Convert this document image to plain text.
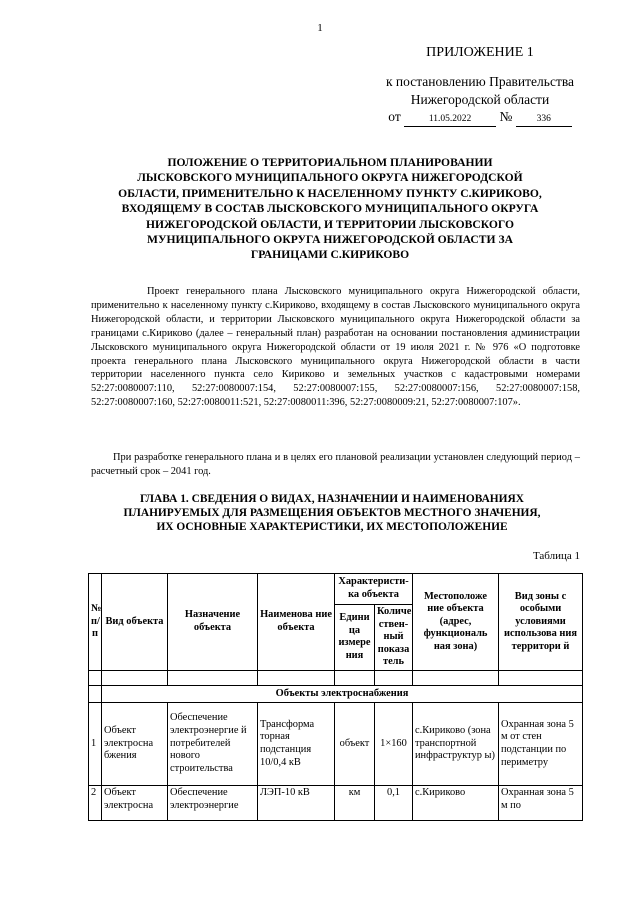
1
ПРИЛОЖЕНИЕ 1
к постановлению Правительства
Нижегородской области
от	11.05.2022 №	336

ПОЛОЖЕНИЕ О ТЕРРИТОРИАЛЬНОМ ПЛАНИРОВАНИИ
ЛЫСКОВСКОГО МУНИЦИПАЛЬНОГО ОКРУГА НИЖЕГОРОДСКОЙ
ОБЛАСТИ, ПРИМЕНИТЕЛЬНО К НАСЕЛЕННОМУ ПУНКТУ С.КИРИКОВО,
ВХОДЯЩЕМУ В СОСТАВ ЛЫСКОВСКОГО МУНИЦИПАЛЬНОГО ОКРУГА
НИЖЕГОРОДСКОЙ ОБЛАСТИ, И ТЕРРИТОРИИ ЛЫСКОВСКОГО
МУНИЦИПАЛЬНОГО ОКРУГА НИЖЕГОРОДСКОЙ ОБЛАСТИ ЗА
ГРАНИЦАМИ С.КИРИКОВО

Проект генерального плана Лысковского муниципального округа Нижегородской области, применительно к населенному пункту с.Кириково, входящему в состав Лысковского муниципального округа Нижегородской области, и территории Лысковского муниципального округа Нижегородской области за границами с.Кириково (далее – генеральный план) разработан на основании постановления администрации Лысковского муниципального округа Нижегородской области от 19 июля 2021 г. № 976 «О подготовке проекта генерального плана Лысковского муниципального округа Нижегородской области в части территории населенного пункта село Кириково и земельных участков с кадастровыми номерами 52:27:0080007:110, 52:27:0080007:154, 52:27:0080007:155, 52:27:0080007:156, 52:27:0080007:158, 52:27:0080007:160, 52:27:0080011:521, 52:27:0080011:396, 52:27:0080009:21, 52:27:0080007:107».

При разработке генерального плана и в целях его плановой реализации установлен следующий период – расчетный срок – 2041 год.

ГЛАВА 1. СВЕДЕНИЯ О ВИДАХ, НАЗНАЧЕНИИ И НАИМЕНОВАНИЯХ
ПЛАНИРУЕМЫХ ДЛЯ РАЗМЕЩЕНИЯ ОБЪЕКТОВ МЕСТНОГО ЗНАЧЕНИЯ,
ИХ ОСНОВНЫЕ ХАРАКТЕРИСТИКИ, ИХ МЕСТОПОЛОЖЕНИЕ

Таблица 1
№ п/п	Вид объекта	Назначение объекта	Наименова ние объекта	Характеристи- ка объекта		Местоположе ние объекта (адрес, функциональ ная зона)	Вид зоны с особыми условиями использова ния территори й
				Едини ца измере ния	Количе ствен- ный показа тель		

	Объекты электроснабжения						
1	Объект электросна бжения	Обеспечение электроэнергие й потребителей нового строительства	Трансформа торная подстанция 10/0,4 кВ	объект	1×160	с.Кириково (зона транспортной инфраструктур ы)	Охранная зона 5 м от стен подстанции по периметру
2	Объект электросна	Обеспечение электроэнергие	ЛЭП-10 кВ	км	0,1	с.Кириково	Охранная зона 5 м по
